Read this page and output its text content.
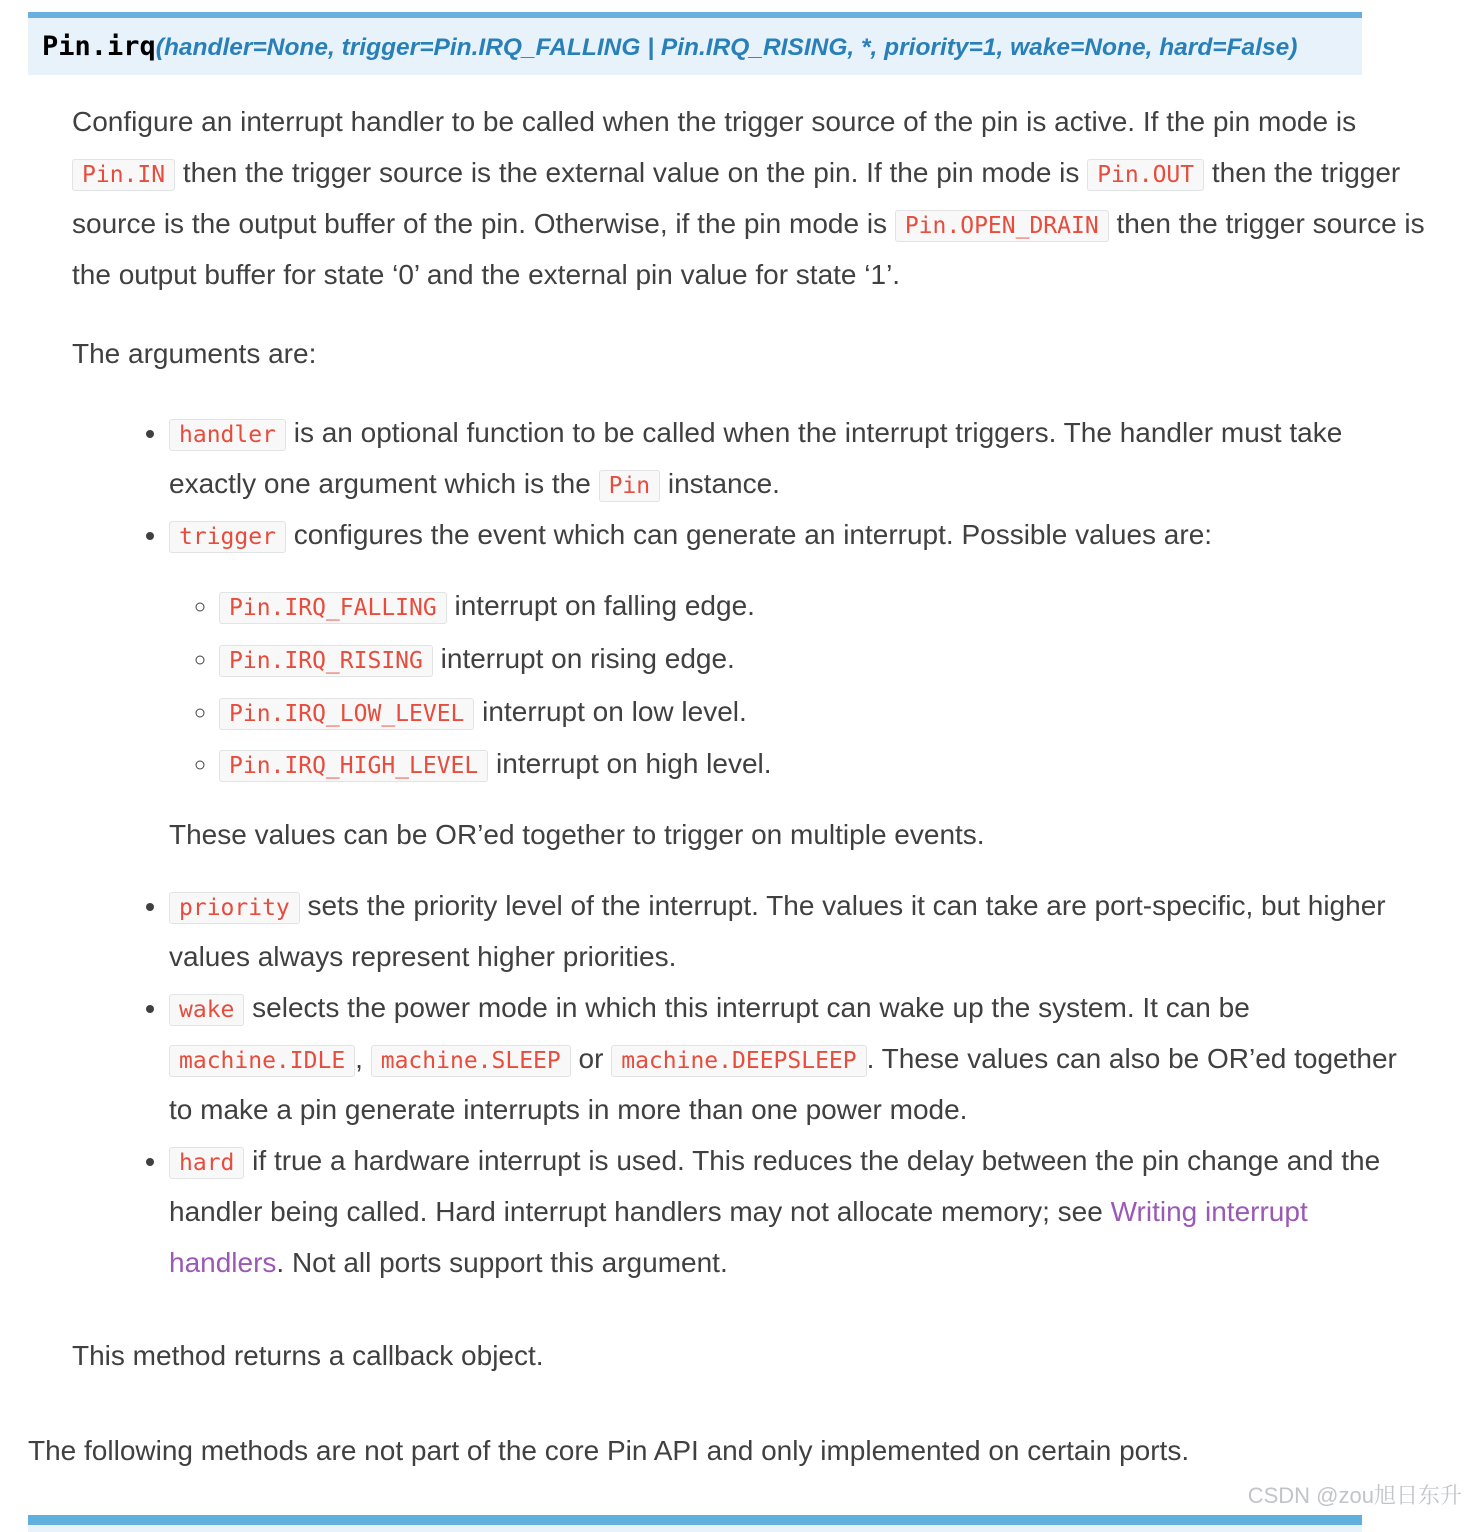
Pin.irq(handler=None, trigger=Pin.IRQ_FALLING | Pin.IRQ_RISING, *, priority=1, wake=None, hard=False)

Configure an interrupt handler to be called when the trigger source of the pin is active. If the pin mode is Pin.IN then the trigger source is the external value on the pin. If the pin mode is Pin.OUT then the trigger source is the output buffer of the pin. Otherwise, if the pin mode is Pin.OPEN_DRAIN then the trigger source is the output buffer for state ‘0’ and the external pin value for state ‘1’.

The arguments are:

• handler is an optional function to be called when the interrupt triggers. The handler must take exactly one argument which is the Pin instance.
• trigger configures the event which can generate an interrupt. Possible values are:
◦ Pin.IRQ_FALLING interrupt on falling edge.
◦ Pin.IRQ_RISING interrupt on rising edge.
◦ Pin.IRQ_LOW_LEVEL interrupt on low level.
◦ Pin.IRQ_HIGH_LEVEL interrupt on high level.

These values can be OR’ed together to trigger on multiple events.

• priority sets the priority level of the interrupt. The values it can take are port-specific, but higher values always represent higher priorities.
• wake selects the power mode in which this interrupt can wake up the system. It can be machine.IDLE , machine.SLEEP or machine.DEEPSLEEP . These values can also be OR’ed together to make a pin generate interrupts in more than one power mode.
• hard if true a hardware interrupt is used. This reduces the delay between the pin change and the handler being called. Hard interrupt handlers may not allocate memory; see Writing interrupt handlers. Not all ports support this argument.

This method returns a callback object.

The following methods are not part of the core Pin API and only implemented on certain ports.

CSDN @zou旭日东升
